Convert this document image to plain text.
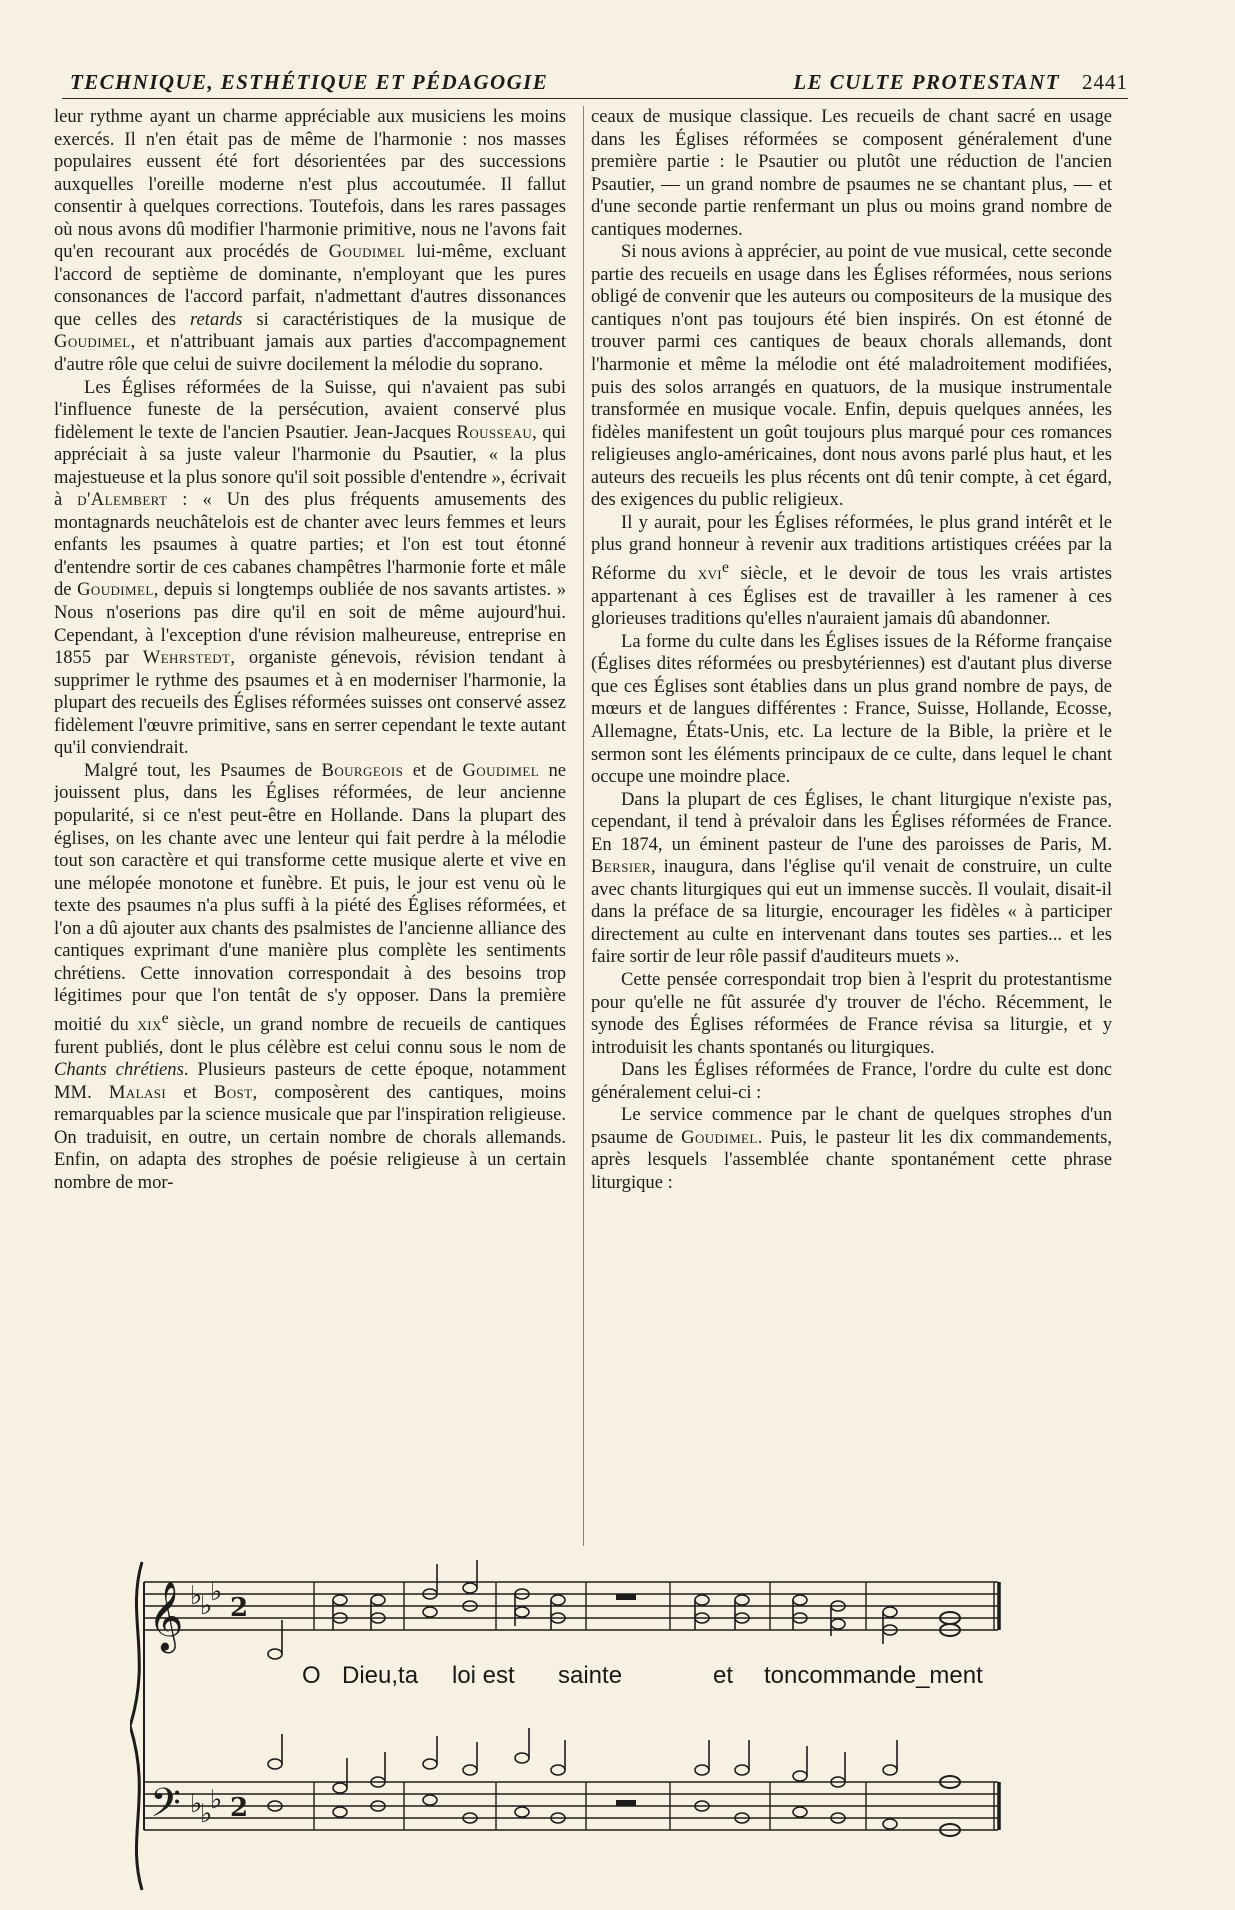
TECHNIQUE, ESTHÉTIQUE ET PÉDAGOGIE	LE CULTE PROTESTANT 2441

leur rythme ayant un charme appréciable aux musiciens les moins exercés. Il n'en était pas de même de l'harmonie : nos masses populaires eussent été fort désorientées par des successions auxquelles l'oreille moderne n'est plus accoutumée. Il fallut consentir à quelques corrections. Toutefois, dans les rares passages où nous avons dû modifier l'harmonie primitive, nous ne l'avons fait qu'en recourant aux procédés de Goudimel lui-même, excluant l'accord de septième de dominante, n'employant que les pures consonances de l'accord parfait, n'admettant d'autres dissonances que celles des retards si caractéristiques de la musique de Goudimel, et n'attribuant jamais aux parties d'accompagnement d'autre rôle que celui de suivre docilement la mélodie du soprano.

Les Églises réformées de la Suisse, qui n'avaient pas subi l'influence funeste de la persécution, avaient conservé plus fidèlement le texte de l'ancien Psautier. Jean-Jacques Rousseau, qui appréciait à sa juste valeur l'harmonie du Psautier, « la plus majestueuse et la plus sonore qu'il soit possible d'entendre », écrivait à d'Alembert : « Un des plus fréquents amusements des montagnards neuchâtelois est de chanter avec leurs femmes et leurs enfants les psaumes à quatre parties; et l'on est tout étonné d'entendre sortir de ces cabanes champêtres l'harmonie forte et mâle de Goudimel, depuis si longtemps oubliée de nos savants artistes. » Nous n'oserions pas dire qu'il en soit de même aujourd'hui. Cependant, à l'exception d'une révision malheureuse, entreprise en 1855 par Wehrstedt, organiste génevois, révision tendant à supprimer le rythme des psaumes et à en moderniser l'harmonie, la plupart des recueils des Églises réformées suisses ont conservé assez fidèlement l'œuvre primitive, sans en serrer cependant le texte autant qu'il conviendrait.

Malgré tout, les Psaumes de Bourgeois et de Goudimel ne jouissent plus, dans les Églises réformées, de leur ancienne popularité, si ce n'est peut-être en Hollande. Dans la plupart des églises, on les chante avec une lenteur qui fait perdre à la mélodie tout son caractère et qui transforme cette musique alerte et vive en une mélopée monotone et funèbre. Et puis, le jour est venu où le texte des psaumes n'a plus suffi à la piété des Églises réformées, et l'on a dû ajouter aux chants des psalmistes de l'ancienne alliance des cantiques exprimant d'une manière plus complète les sentiments chrétiens. Cette innovation correspondait à des besoins trop légitimes pour que l'on tentât de s'y opposer. Dans la première moitié du xix$^e$ siècle, un grand nombre de recueils de cantiques furent publiés, dont le plus célèbre est celui connu sous le nom de Chants chrétiens. Plusieurs pasteurs de cette époque, notamment MM. Malasi et Bost, composèrent des cantiques, moins remarquables par la science musicale que par l'inspiration religieuse. On traduisit, en outre, un certain nombre de chorals allemands. Enfin, on adapta des strophes de poésie religieuse à un certain nombre de mor-

ceaux de musique classique. Les recueils de chant sacré en usage dans les Églises réformées se composent généralement d'une première partie : le Psautier ou plutôt une réduction de l'ancien Psautier, — un grand nombre de psaumes ne se chantant plus, — et d'une seconde partie renfermant un plus ou moins grand nombre de cantiques modernes.

Si nous avions à apprécier, au point de vue musical, cette seconde partie des recueils en usage dans les Églises réformées, nous serions obligé de convenir que les auteurs ou compositeurs de la musique des cantiques n'ont pas toujours été bien inspirés. On est étonné de trouver parmi ces cantiques de beaux chorals allemands, dont l'harmonie et même la mélodie ont été maladroitement modifiées, puis des solos arrangés en quatuors, de la musique instrumentale transformée en musique vocale. Enfin, depuis quelques années, les fidèles manifestent un goût toujours plus marqué pour ces romances religieuses anglo-américaines, dont nous avons parlé plus haut, et les auteurs des recueils les plus récents ont dû tenir compte, à cet égard, des exigences du public religieux.

Il y aurait, pour les Églises réformées, le plus grand intérêt et le plus grand honneur à revenir aux traditions artistiques créées par la Réforme du xvi$^e$ siècle, et le devoir de tous les vrais artistes appartenant à ces Églises est de travailler à les ramener à ces glorieuses traditions qu'elles n'auraient jamais dû abandonner.

La forme du culte dans les Églises issues de la Réforme française (Églises dites réformées ou presbytériennes) est d'autant plus diverse que ces Églises sont établies dans un plus grand nombre de pays, de mœurs et de langues différentes : France, Suisse, Hollande, Ecosse, Allemagne, États-Unis, etc. La lecture de la Bible, la prière et le sermon sont les éléments principaux de ce culte, dans lequel le chant occupe une moindre place.

Dans la plupart de ces Églises, le chant liturgique n'existe pas, cependant, il tend à prévaloir dans les Églises réformées de France. En 1874, un éminent pasteur de l'une des paroisses de Paris, M. Bersier, inaugura, dans l'église qu'il venait de construire, un culte avec chants liturgiques qui eut un immense succès. Il voulait, disait-il dans la préface de sa liturgie, encourager les fidèles « à participer directement au culte en intervenant dans toutes ses parties... et les faire sortir de leur rôle passif d'auditeurs muets ».

Cette pensée correspondait trop bien à l'esprit du protestantisme pour qu'elle ne fût assurée d'y trouver de l'écho. Récemment, le synode des Églises réformées de France révisa sa liturgie, et y introduisit les chants spontanés ou liturgiques.

Dans les Églises réformées de France, l'ordre du culte est donc généralement celui-ci :

Le service commence par le chant de quelques strophes d'un psaume de Goudimel. Puis, le pasteur lit les dix commandements, après lesquels l'assemblée chante spontanément cette phrase liturgique :

𝄞 ♭
♭
♭
2
𝄢 ♭
♭
♭ 2
O Dieu,ta loi est sainte	et toncommande_ment
